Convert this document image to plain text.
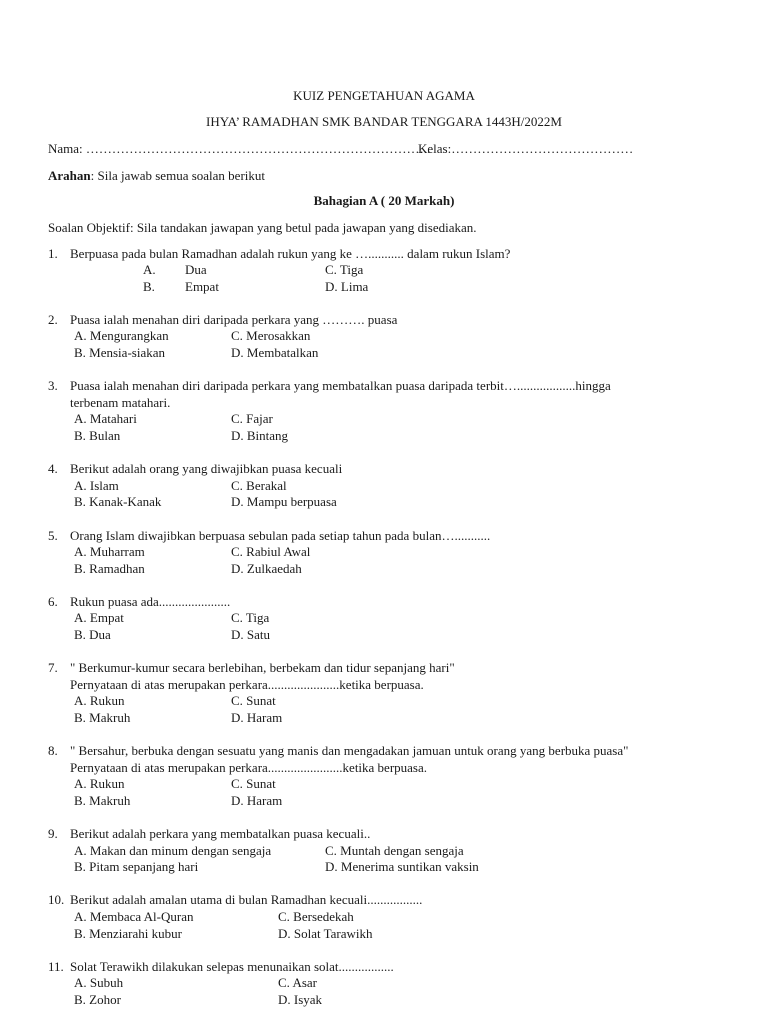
KUIZ PENGETAHUAN AGAMA
IHYA’ RAMADHAN SMK BANDAR TENGGARA 1443H/2022M
Nama: ……………………………………………………………………..
Kelas:……………………………………
Arahan: Sila jawab semua soalan berikut
Bahagian A ( 20 Markah)
Soalan Objektif: Sila tandakan jawapan yang betul pada jawapan yang disediakan.
1. Berpuasa pada bulan Ramadhan adalah rukun yang ke …........... dalam rukun Islam?
A. Dua	C. Tiga
B. Empat	D. Lima
2. Puasa ialah menahan diri daripada perkara yang ………. puasa
A. Mengurangkan	C. Merosakkan
B. Mensia-siakan	D. Membatalkan
3. Puasa ialah menahan diri daripada perkara yang membatalkan puasa daripada terbit…..................hingga
terbenam matahari.
A. Matahari	C. Fajar
B. Bulan	D. Bintang
4. Berikut adalah orang yang diwajibkan puasa kecuali
A. Islam	C. Berakal
B. Kanak-Kanak	D. Mampu berpuasa
5. Orang Islam diwajibkan berpuasa sebulan pada setiap tahun pada bulan…...........
A. Muharram	C. Rabiul Awal
B. Ramadhan	D. Zulkaedah
6. Rukun puasa ada......................
A. Empat	C. Tiga
B. Dua	D. Satu
7. " Berkumur-kumur secara berlebihan, berbekam dan tidur sepanjang hari"
Pernyataan di atas merupakan perkara......................ketika berpuasa.
A. Rukun	C. Sunat
B. Makruh	D. Haram
8. " Bersahur, berbuka dengan sesuatu yang manis dan mengadakan jamuan untuk orang yang berbuka puasa"
Pernyataan di atas merupakan perkara.......................ketika berpuasa.
A. Rukun	C. Sunat
B. Makruh	D. Haram
9. Berikut adalah perkara yang membatalkan puasa kecuali..
A. Makan dan minum dengan sengaja	C. Muntah dengan sengaja
B. Pitam sepanjang hari	D. Menerima suntikan vaksin
10. Berikut adalah amalan utama di bulan Ramadhan kecuali.................
A. Membaca Al-Quran	C. Bersedekah
B. Menziarahi kubur	D. Solat Tarawikh
11. Solat Terawikh dilakukan selepas menunaikan solat.................
A. Subuh	C. Asar
B. Zohor	D. Isyak
